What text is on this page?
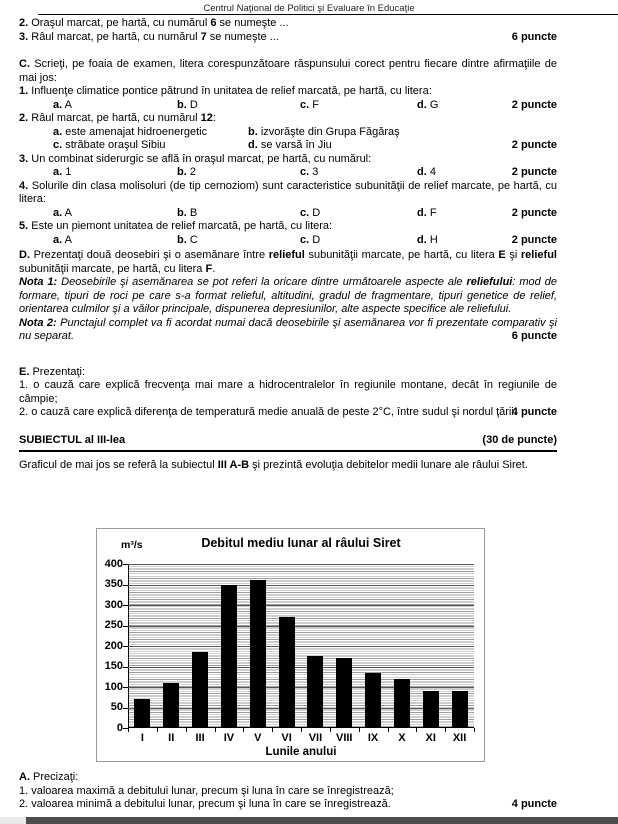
Centrul Naţional de Politici şi Evaluare în Educaţie
2. Oraşul marcat, pe hartă, cu numărul 6 se numeşte ...
3. Râul marcat, pe hartă, cu numărul 7 se numeşte ...	6 puncte
C. Scrieţi, pe foaia de examen, litera corespunzătoare răspunsului corect pentru fiecare dintre afirmaţiile de mai jos:
1. Influenţe climatice pontice pătrund în unitatea de relief marcată, pe hartă, cu litera:
a. A	b. D	c. F	d. G	2 puncte
2. Râul marcat, pe hartă, cu numărul 12:
a. este amenajat hidroenergetic	b. izvorăşte din Grupa Făgăraş
c. străbate oraşul Sibiu	d. se varsă în Jiu	2 puncte
3. Un combinat siderurgic se află în oraşul marcat, pe hartă, cu numărul:
a. 1	b. 2	c. 3	d. 4	2 puncte
4. Solurile din clasa molisoluri (de tip cernoziom) sunt caracteristice subunităţii de relief marcate, pe hartă, cu litera:
a. A	b. B	c. D	d. F	2 puncte
5. Este un piemont unitatea de relief marcată, pe hartă, cu litera:
a. A	b. C	c. D	d. H	2 puncte
D. Prezentaţi două deosebiri şi o asemănare între relieful subunităţii marcate, pe hartă, cu litera E şi relieful subunităţii marcate, pe hartă, cu litera F.
Nota 1: Deosebirile şi asemănarea se pot referi la oricare dintre următoarele aspecte ale reliefului: mod de formare, tipuri de roci pe care s-a format relieful, altitudini, gradul de fragmentare, tipuri genetice de relief, orientarea culmilor şi a văilor principale, dispunerea depresiunilor, alte aspecte specifice ale reliefului.
Nota 2: Punctajul complet va fi acordat numai dacă deosebirile şi asemănarea vor fi prezentate comparativ şi nu separat.	6 puncte
E. Prezentaţi:
1. o cauză care explică frecvenţa mai mare a hidrocentralelor în regiunile montane, decât în regiunile de câmpie;
2. o cauză care explică diferenţa de temperatură medie anuală de peste 2°C, între sudul şi nordul ţării.
4 puncte
SUBIECTUL al III-lea	(30 de puncte)
Graficul de mai jos se referă la subiectul III A-B şi prezintă evoluţia debitelor medii lunare ale râului Siret.
Debitul mediu lunar al râului Siret
m³/s
Lunile anului
400
350
300
250
200
150
100
50
0
I	II	III	IV	V	VI	VII	VIII	IX	X	XI	XII
A. Precizaţi:
1. valoarea maximă a debitului lunar, precum şi luna în care se înregistrează;
2. valoarea minimă a debitului lunar, precum şi luna în care se înregistrează.	4 puncte
